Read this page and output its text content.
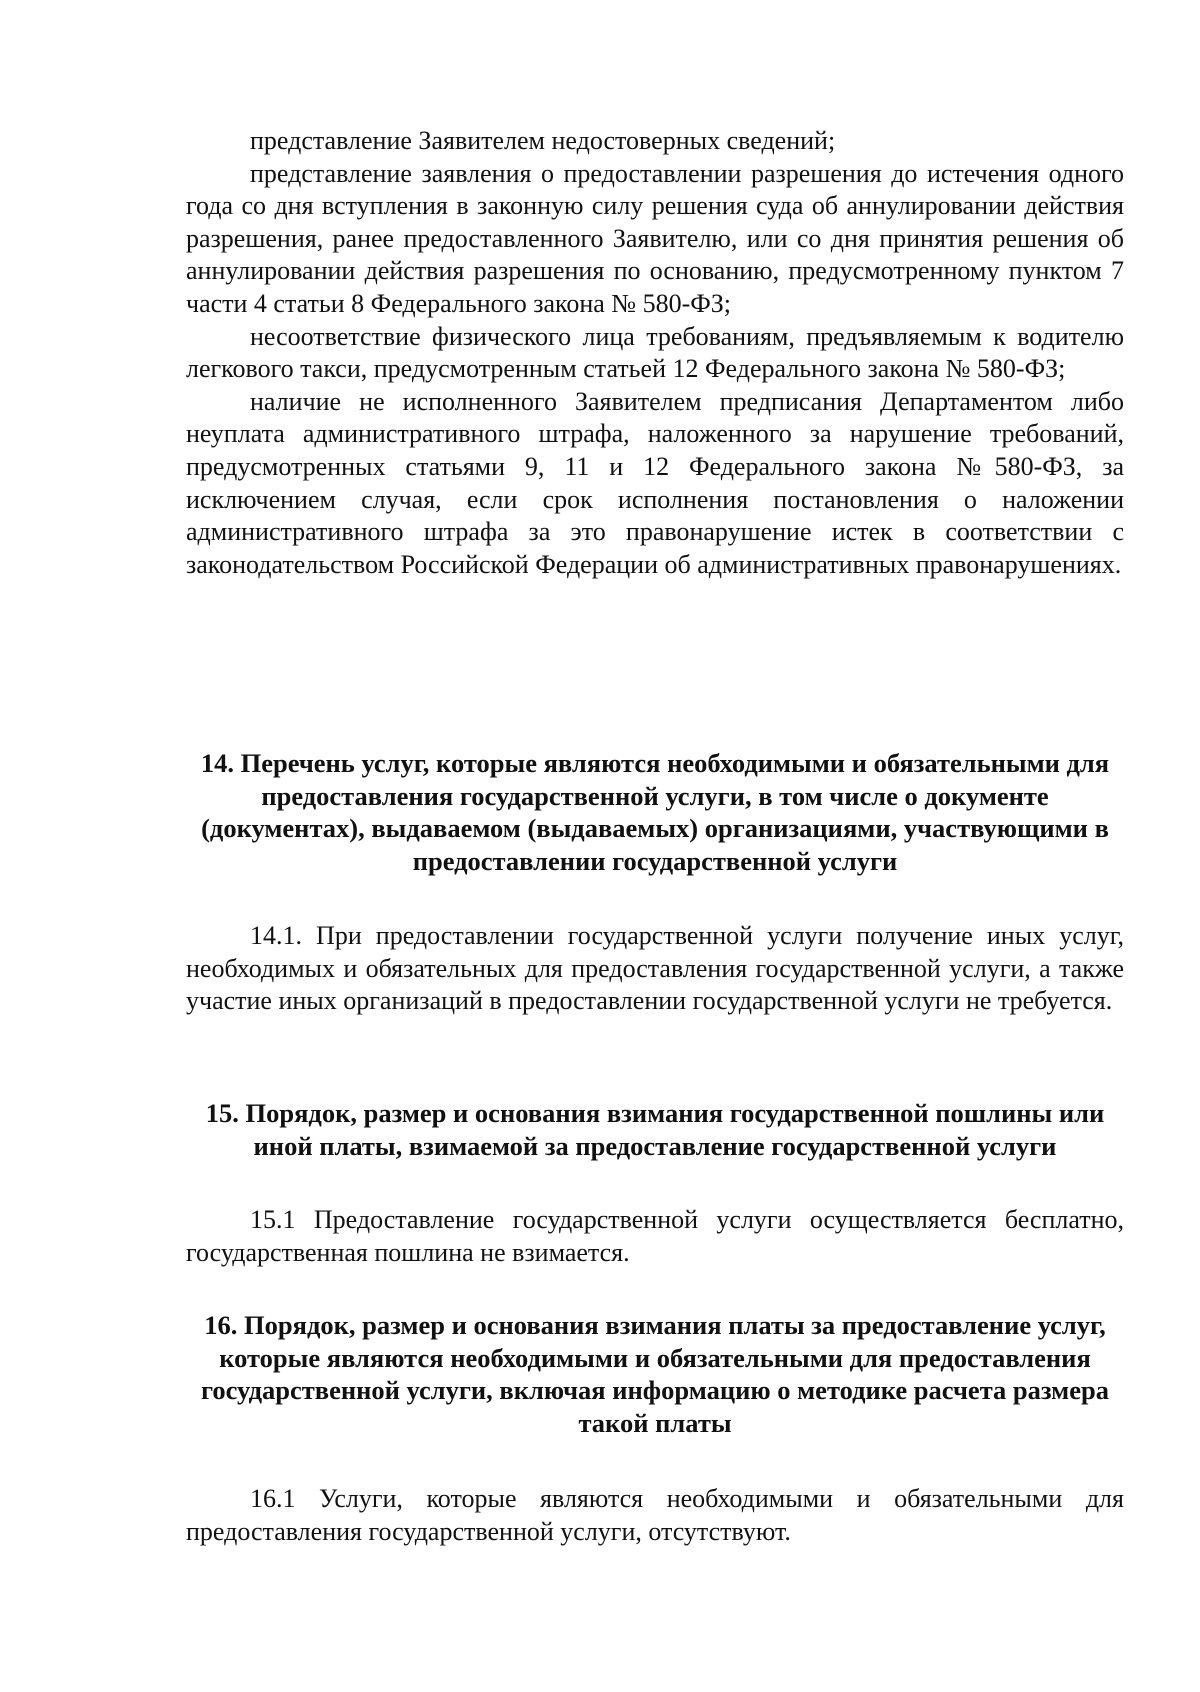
представление Заявителем недостоверных сведений;

представление заявления о предоставлении разрешения до истечения одного года со дня вступления в законную силу решения суда об аннулировании действия разрешения, ранее предоставленного Заявителю, или со дня принятия решения об аннулировании действия разрешения по основанию, предусмотренному пунктом 7 части 4 статьи 8 Федерального закона № 580-ФЗ;

несоответствие физического лица требованиям, предъявляемым к водителю легкового такси, предусмотренным статьей 12 Федерального закона № 580-ФЗ;

наличие не исполненного Заявителем предписания Департаментом либо неуплата административного штрафа, наложенного за нарушение требований, предусмотренных статьями 9, 11 и 12 Федерального закона №580-ФЗ, за исключением случая, если срок исполнения постановления о наложении административного штрафа за это правонарушение истек в соответствии с законодательством Российской Федерации об административных правонарушениях.

14. Перечень услуг, которые являются необходимыми и обязательными для предоставления государственной услуги, в том числе о документе (документах), выдаваемом (выдаваемых) организациями, участвующими в предоставлении государственной услуги

14.1. При предоставлении государственной услуги получение иных услуг, необходимых и обязательных для предоставления государственной услуги, а также участие иных организаций в предоставлении государственной услуги не требуется.

15. Порядок, размер и основания взимания государственной пошлины или иной платы, взимаемой за предоставление государственной услуги

15.1 Предоставление государственной услуги осуществляется бесплатно, государственная пошлина не взимается.

16. Порядок, размер и основания взимания платы за предоставление услуг, которые являются необходимыми и обязательными для предоставления государственной услуги, включая информацию о методике расчета размера такой платы

16.1 Услуги, которые являются необходимыми и обязательными для предоставления государственной услуги, отсутствуют.
